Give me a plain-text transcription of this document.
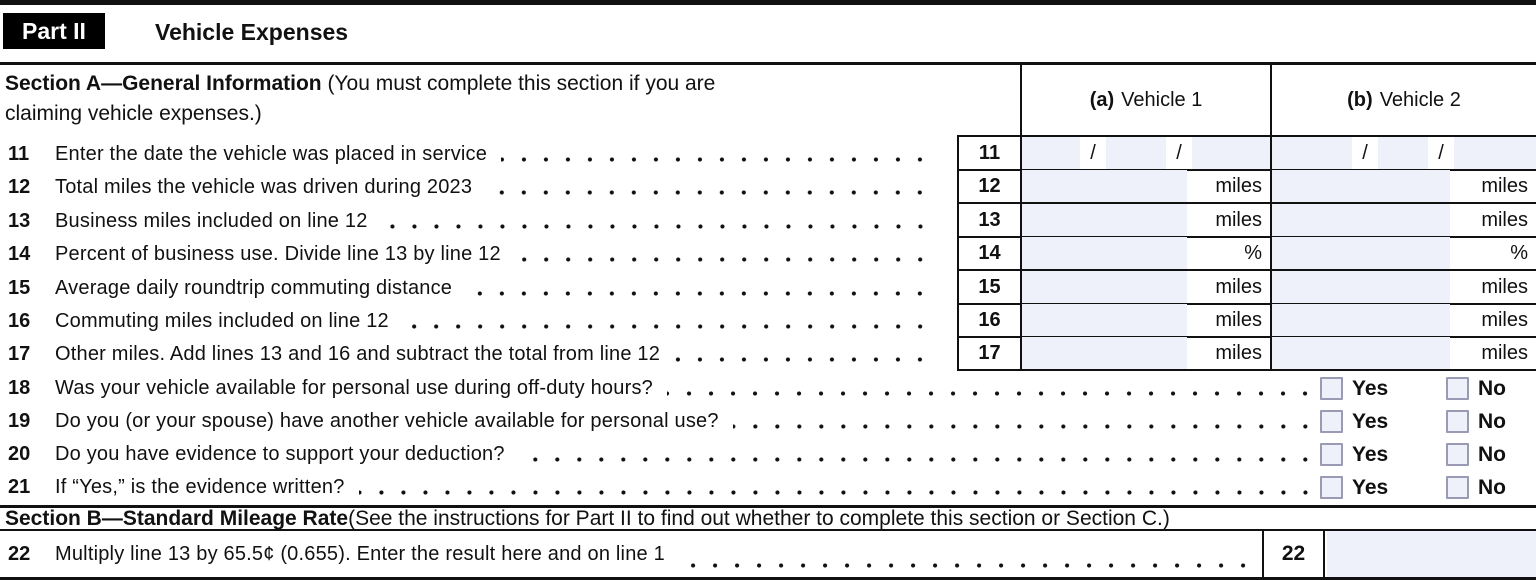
Part II	Vehicle Expenses
Section A—General Information (You must complete this section if you are
claiming vehicle expenses.)
(a) Vehicle 1	(b) Vehicle 2
11	Enter the date the vehicle was placed in service	11	/	/	/	/
12	Total miles the vehicle was driven during 2023	12	miles	miles
13	Business miles included on line 12	13	miles	miles
14	Percent of business use. Divide line 13 by line 12	14	%	%
15	Average daily roundtrip commuting distance	15	miles	miles
16	Commuting miles included on line 12	16	miles	miles
17	Other miles. Add lines 13 and 16 and subtract the total from line 12	17	miles	miles
18	Was your vehicle available for personal use during off-duty hours?	Yes	No
19	Do you (or your spouse) have another vehicle available for personal use?	Yes	No
20	Do you have evidence to support your deduction?	Yes	No
21	If “Yes,” is the evidence written?	Yes	No
Section B—Standard Mileage Rate (See the instructions for Part II to find out whether to complete this section or Section C.)
22	Multiply line 13 by 65.5¢ (0.655). Enter the result here and on line 1	22
